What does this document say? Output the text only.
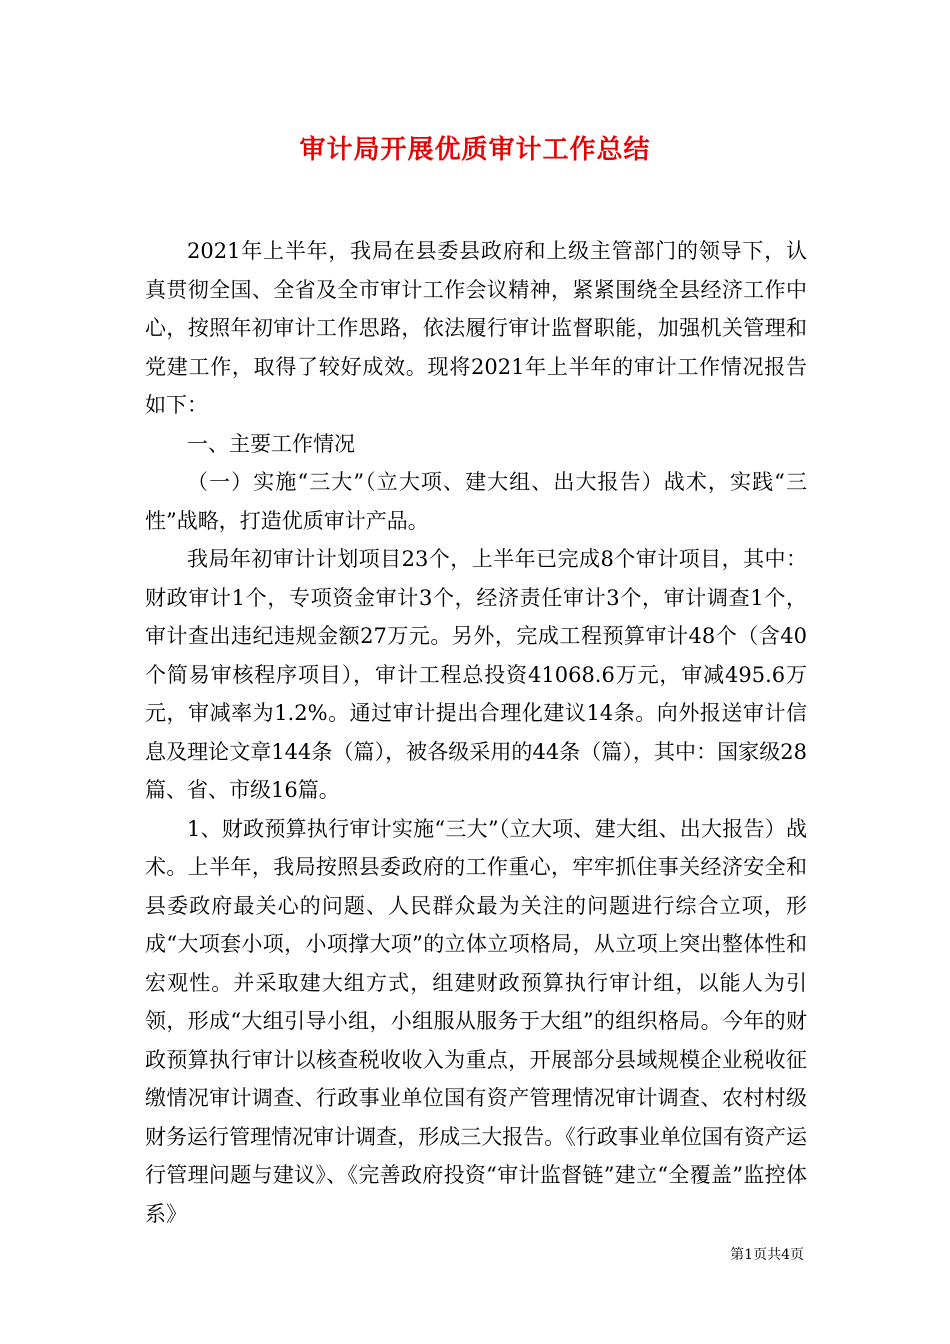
审计局开展优质审计工作总结

2021年上半年，我局在县委县政府和上级主管部门的领导下，认真贯彻全国、全省及全市审计工作会议精神，紧紧围绕全县经济工作中心，按照年初审计工作思路，依法履行审计监督职能，加强机关管理和党建工作，取得了较好成效。现将2021年上半年的审计工作情况报告如下：

一、主要工作情况

（一）实施“三大”（立大项、建大组、出大报告）战术，实践“三性”战略，打造优质审计产品。

我局年初审计计划项目23个，上半年已完成8个审计项目，其中：财政审计1个，专项资金审计3个，经济责任审计3个，审计调查1个，审计查出违纪违规金额27万元。另外，完成工程预算审计48个（含40个简易审核程序项目），审计工程总投资41068.6万元，审减495.6万元，审减率为1.2%。通过审计提出合理化建议14条。向外报送审计信息及理论文章144条（篇），被各级采用的44条（篇），其中：国家级28篇、省、市级16篇。

1、财政预算执行审计实施“三大”（立大项、建大组、出大报告）战术。上半年，我局按照县委政府的工作重心，牢牢抓住事关经济安全和县委政府最关心的问题、人民群众最为关注的问题进行综合立项，形成“大项套小项，小项撑大项”的立体立项格局，从立项上突出整体性和宏观性。并采取建大组方式，组建财政预算执行审计组，以能人为引领，形成“大组引导小组，小组服从服务于大组”的组织格局。今年的财政预算执行审计以核查税收收入为重点，开展部分县域规模企业税收征缴情况审计调查、行政事业单位国有资产管理情况审计调查、农村村级财务运行管理情况审计调查，形成三大报告。《行政事业单位国有资产运行管理问题与建议》、《完善政府投资“审计监督链”建立“全覆盖”监控体系》

第1页共4页
